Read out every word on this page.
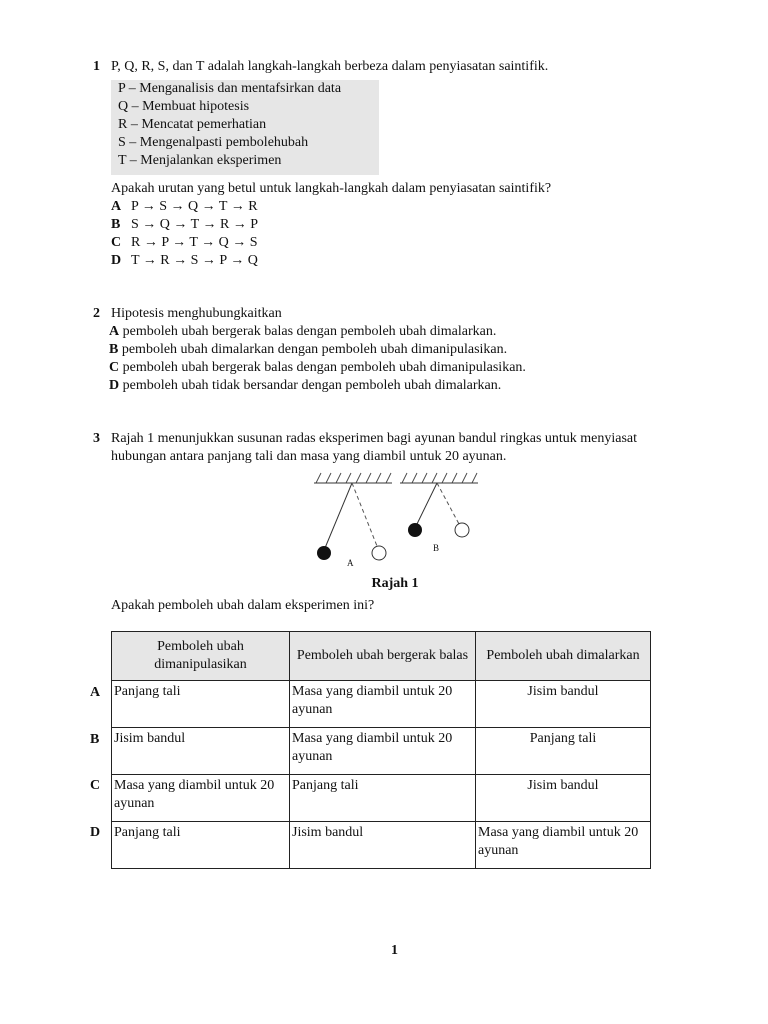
1 P, Q, R, S, dan T adalah langkah-langkah berbeza dalam penyiasatan saintifik.
P – Menganalisis dan mentafsirkan data
Q – Membuat hipotesis
R – Mencatat pemerhatian
S – Mengenalpasti pembolehubah
T – Menjalankan eksperimen
Apakah urutan yang betul untuk langkah-langkah dalam penyiasatan saintifik?
A P → S → Q → T → R
B S → Q → T → R → P
C R → P → T → Q → S
D T → R → S → P → Q
2 Hipotesis menghubungkaitkan
A pemboleh ubah bergerak balas dengan pemboleh ubah dimalarkan.
B pemboleh ubah dimalarkan dengan pemboleh ubah dimanipulasikan.
C pemboleh ubah bergerak balas dengan pemboleh ubah dimanipulasikan.
D pemboleh ubah tidak bersandar dengan pemboleh ubah dimalarkan.
3 Rajah 1 menunjukkan susunan radas eksperimen bagi ayunan bandul ringkas untuk menyiasat
hubungan antara panjang tali dan masa yang diambil untuk 20 ayunan.
A
B
Rajah 1
Apakah pemboleh ubah dalam eksperimen ini?
A
B
C
D
Pemboleh ubah dimanipulasikan	Pemboleh ubah bergerak balas	Pemboleh ubah dimalarkan
Panjang tali	Masa yang diambil untuk 20 ayunan	Jisim bandul
Jisim bandul	Masa yang diambil untuk 20 ayunan	Panjang tali
Masa yang diambil untuk 20 ayunan	Panjang tali	Jisim bandul
Panjang tali	Jisim bandul	Masa yang diambil untuk 20 ayunan
1
